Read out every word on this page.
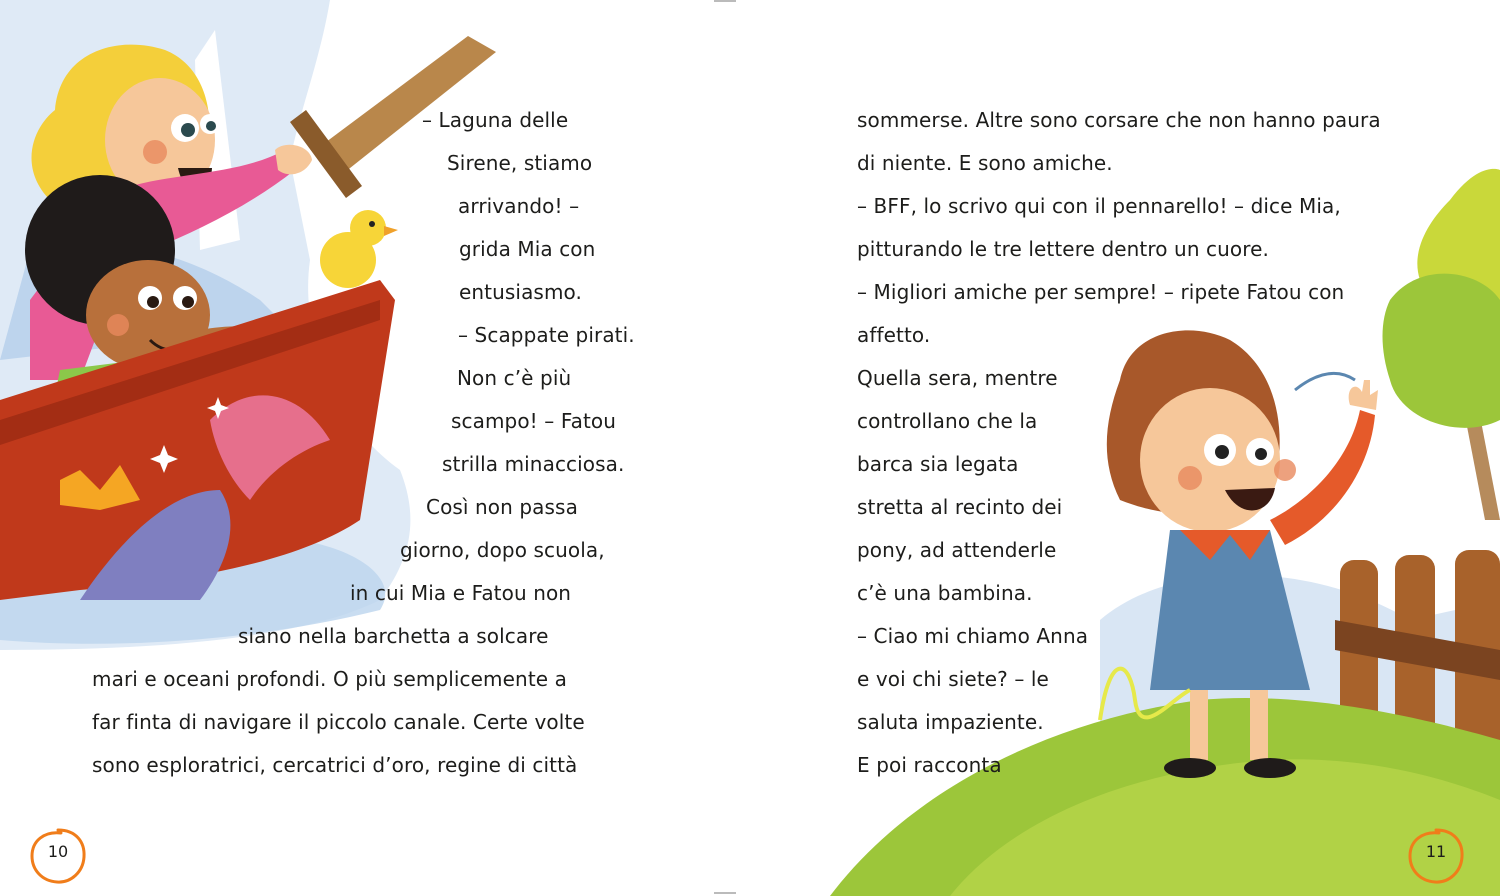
– Laguna delle
Sirene, stiamo
arrivando! –
grida Mia con
entusiasmo.
– Scappate pirati.
Non c’è più
scampo! – Fatou
strilla minacciosa.
Così non passa
giorno, dopo scuola,
in cui Mia e Fatou non
siano nella barchetta a solcare
mari e oceani profondi. O più semplicemente a
far finta di navigare il piccolo canale. Certe volte
sono esploratrici, cercatrici d’oro, regine di città
10
sommerse. Altre sono corsare che non hanno paura
di niente. E sono amiche.
– BFF, lo scrivo qui con il pennarello! – dice Mia,
pitturando le tre lettere dentro un cuore.
– Migliori amiche per sempre! – ripete Fatou con
affetto.
Quella sera, mentre
controllano che la
barca sia legata
stretta al recinto dei
pony, ad attenderle
c’è una bambina.
– Ciao mi chiamo Anna
e voi chi siete? – le
saluta impaziente.
E poi racconta
11
